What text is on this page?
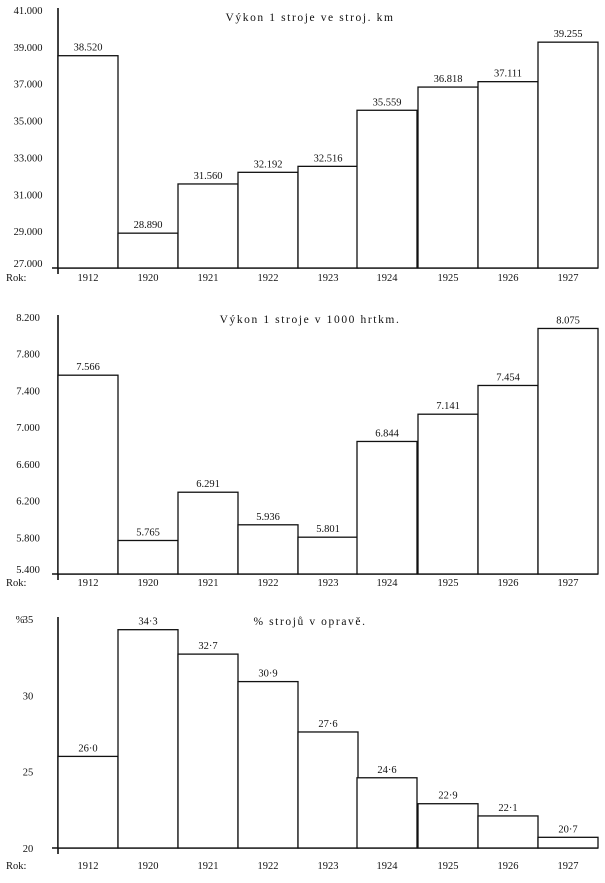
27.000
29.000
31.000
33.000
35.000
37.000
39.000
41.000
Výkon 1 stroje ve stroj. km
Rok:
38.520
1912
28.890
1920
31.560
1921
32.192
1922
32.516
1923
35.559
1924
36.818
1925
37.111
1926
39.255
1927
5.400
5.800
6.200
6.600
7.000
7.400
7.800
8.200	Výkon 1 stroje v 1000 hrtkm.
Rok:
7.566
1912
5.765
1920
6.291
1921
5.936
1922
5.801
1923
6.844
1924
7.141
1925
7.454
1926
8.075
1927
20
25
30
35
%	% strojů v opravě.
Rok:
26·0
1912
34·3
1920
32·7
1921
30·9
1922
27·6
1923
24·6
1924
22·9
1925
22·1
1926
20·7
1927
